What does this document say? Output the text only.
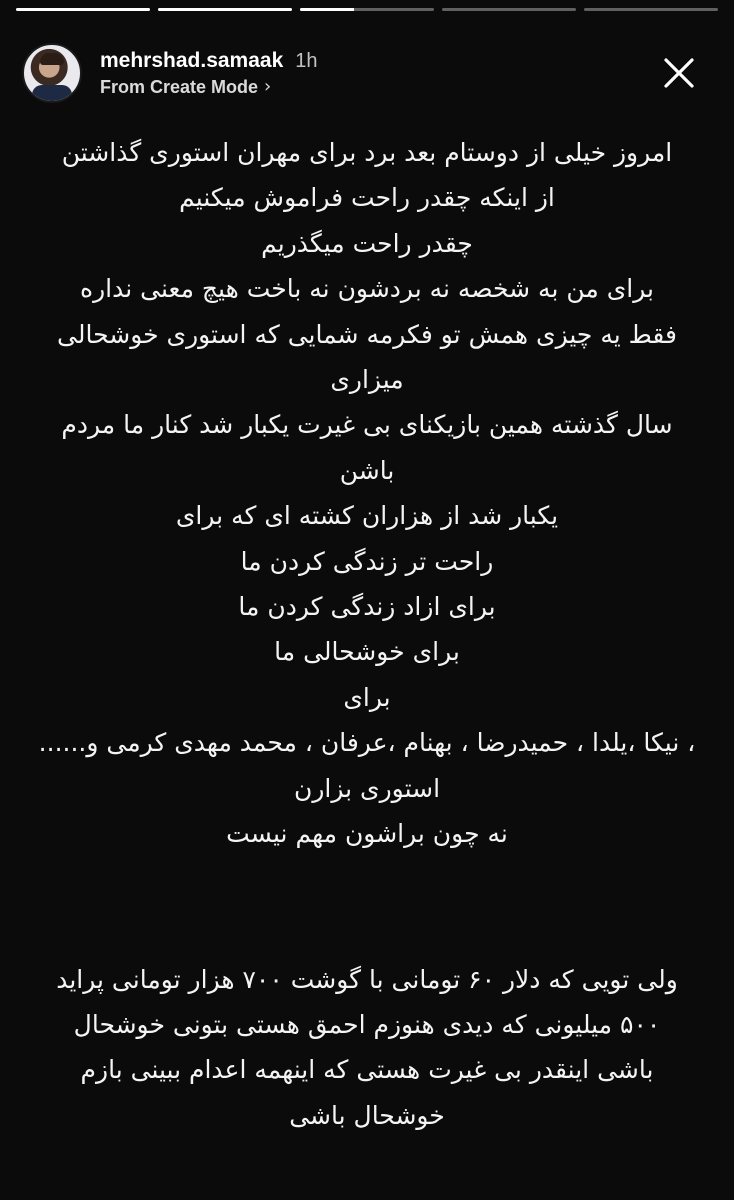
mehrshad.samaak 1h
From Create Mode ›
امروز خیلی از دوستام بعد برد برای مهران استوری گذاشتن
از اینکه چقدر راحت فراموش میکنیم
چقدر راحت میگذریم
برای من به شخصه نه بردشون نه باخت هیچ معنی نداره
فقط یه چیزی همش تو فکرمه شمایی که استوری خوشحالی
میزاری
سال گذشته همین بازیکنای بی غیرت یکبار شد کنار ما مردم
باشن
یکبار شد از هزاران کشته ای که برای
راحت تر زندگی کردن ما
برای ازاد زندگی کردن ما
برای خوشحالی ما
برای
، نیکا ،یلدا ، حمیدرضا ، بهنام ،عرفان ، محمد مهدی کرمی و......
استوری بزارن
نه چون براشون مهم نیست
ولی تویی که دلار ۶۰ تومانی با گوشت ۷۰۰ هزار تومانی پراید
۵۰۰ میلیونی که دیدی هنوزم احمق هستی بتونی خوشحال
باشی اینقدر بی غیرت هستی که اینهمه اعدام ببینی بازم
خوشحال باشی
